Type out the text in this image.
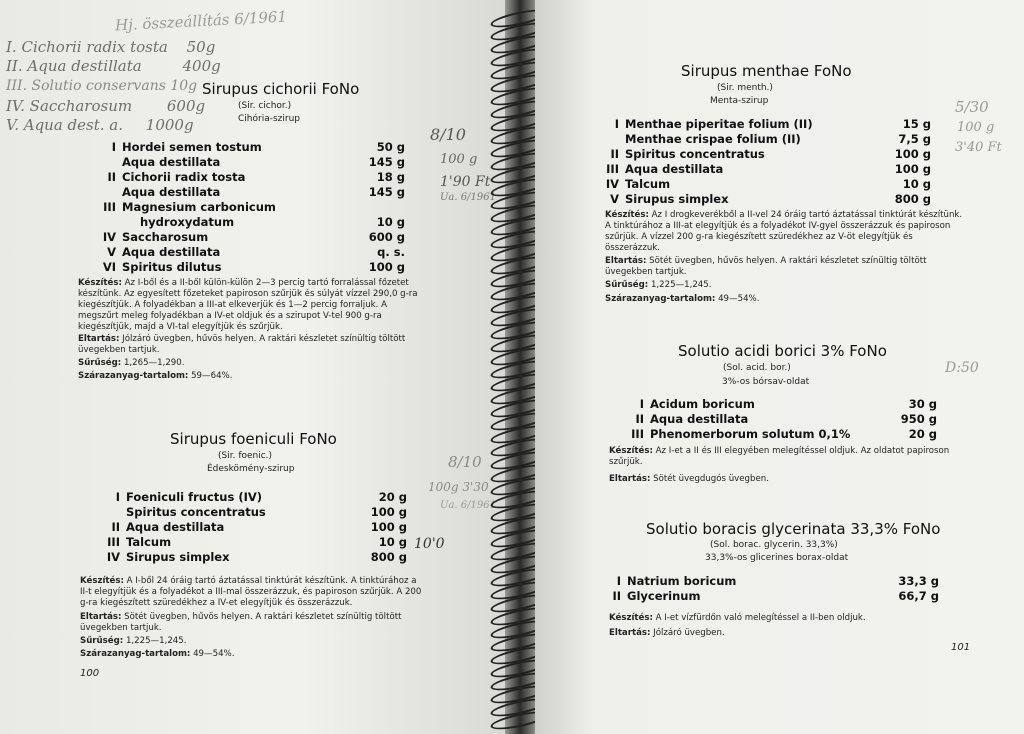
Hj. összeállítás 6/1961
I. Cichorii radix tosta 50g
II. Aqua destillata	400g
III. Solutio conservans 10g
IV. Saccharosum 600g
V. Aqua dest. a. 1000g
Sirupus cichorii FoNo
(Sir. cichor.)
Cihória-szirup
I Hordei semen tostum	50 g
Aqua destillata	145 g
II Cichorii radix tosta	18 g
Aqua destillata	145 g
III Magnesium carbonicum
hydroxydatum	10 g
IV Saccharosum	600 g
V Aqua destillata	q. s.
VI Spiritus dilutus	100 g
8/10
100 g
1'90 Ft
Ua. 6/1961
Készítés: Az I-ből és a II-ből külön-külön 2—3 percig tartó forralással főzetet készítünk. Az egyesített főzeteket papiroson szűrjük és súlyát vízzel 290,0 g-ra kiegészítjük. A folyadékban a III-at elkeverjük és 1—2 percig forraljuk. A megszűrt meleg folyadékban a IV-et oldjuk és a szirupot V-tel 900 g-ra kiegészítjük, majd a VI-tal elegyítjük és szűrjük.
Eltartás: Jólzáró üvegben, hűvös helyen. A raktári készletet színültig töltött üvegekben tartjuk.
Sűrűség: 1,265—1,290.
Szárazanyag-tartalom: 59—64%.
Sirupus foeniculi FoNo
(Sir. foenic.)
Édeskömény-szirup
I Foeniculi fructus (IV)	20 g
Spiritus concentratus	100 g
II Aqua destillata	100 g
III Talcum	10 g
IV Sirupus simplex	800 g
8/10
100g 3'30
Ua. 6/1961
10'0
Készítés: A I-ből 24 óráig tartó áztatással tinktúrát készítünk. A tinktúrához a II-t elegyítjük és a folyadékot a III-mal összerázzuk, és papiroson szűrjük. A 200 g-ra kiegészített szüredékhez a IV-et elegyítjük és összerázzuk.
Eltartás: Sötét üvegben, hűvös helyen. A raktári készletet színültig töltött üvegekben tartjuk.
Sűrűség: 1,225—1,245.
Szárazanyag-tartalom: 49—54%.
100
Sirupus menthae FoNo
(Sir. menth.)
Menta-szirup
I Menthae piperitae folium (II)	15 g
Menthae crispae folium (II)	7,5 g
II Spiritus concentratus	100 g
III Aqua destillata	100 g
IV Talcum	10 g
V Sirupus simplex	800 g
5/30
100 g
3'40 Ft
Készítés: Az I drogkeverékből a II-vel 24 óráig tartó áztatással tinktúrát készítünk. A tinktúrához a III-at elegyítjük és a folyadékot IV-gyel összerázzuk és papiroson szűrjük. A vízzel 200 g-ra kiegészített szüredékhez az V-öt elegyítjük és összerázzuk.
Eltartás: Sötét üvegben, hűvös helyen. A raktári készletet színültig töltött üvegekben tartjuk.
Sűrűség: 1,225—1,245.
Szárazanyag-tartalom: 49—54%.
Solutio acidi borici 3% FoNo
(Sol. acid. bor.)
3%-os bórsav-oldat
D:50
I Acidum boricum	30 g
II Aqua destillata	950 g
III Phenomerborum solutum 0,1%	20 g
Készítés: Az I-et a II és III elegyében melegítéssel oldjuk. Az oldatot papiroson szűrjük.
Eltartás: Sötét üvegdugós üvegben.
Solutio boracis glycerinata 33,3% FoNo
(Sol. borac. glycerin. 33,3%)
33,3%-os glicerines borax-oldat
I Natrium boricum	33,3 g
II Glycerinum	66,7 g
Készítés: A I-et vízfürdőn való melegítéssel a II-ben oldjuk.
Eltartás: Jólzáró üvegben.
101
